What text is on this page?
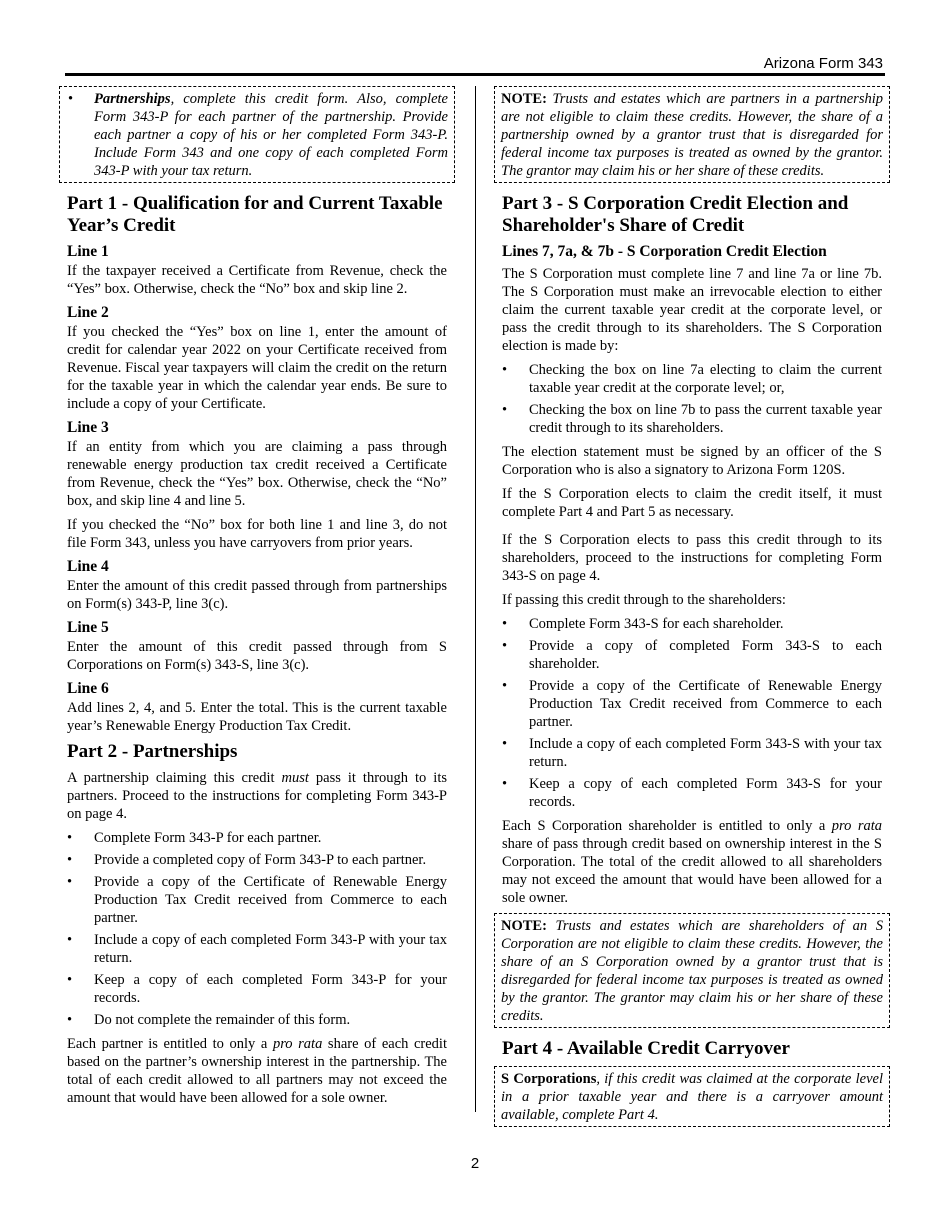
Arizona Form 343
• Partnerships, complete this credit form. Also, complete Form 343-P for each partner of the partnership. Provide each partner a copy of his or her completed Form 343-P. Include Form 343 and one copy of each completed Form 343-P with your tax return.
Part 1 - Qualification for and Current Taxable Year’s Credit
Line 1

If the taxpayer received a Certificate from Revenue, check the “Yes” box. Otherwise, check the “No” box and skip line 2.

Line 2

If you checked the “Yes” box on line 1, enter the amount of credit for calendar year 2022 on your Certificate received from Revenue. Fiscal year taxpayers will claim the credit on the return for the taxable year in which the calendar year ends. Be sure to include a copy of your Certificate.

Line 3

If an entity from which you are claiming a pass through renewable energy production tax credit received a Certificate from Revenue, check the “Yes” box. Otherwise, check the “No” box, and skip line 4 and line 5.

If you checked the “No” box for both line 1 and line 3, do not file Form 343, unless you have carryovers from prior years.

Line 4

Enter the amount of this credit passed through from partnerships on Form(s) 343-P, line 3(c).

Line 5

Enter the amount of this credit passed through from S Corporations on Form(s) 343-S, line 3(c).

Line 6

Add lines 2, 4, and 5. Enter the total. This is the current taxable year’s Renewable Energy Production Tax Credit.

Part 2 - Partnerships

A partnership claiming this credit must pass it through to its partners. Proceed to the instructions for completing Form 343-P on page 4.

• Complete Form 343-P for each partner.
• Provide a completed copy of Form 343-P to each partner.
• Provide a copy of the Certificate of Renewable Energy Production Tax Credit received from Commerce to each partner.
• Include a copy of each completed Form 343-P with your tax return.
• Keep a copy of each completed Form 343-P for your records.
• Do not complete the remainder of this form.

Each partner is entitled to only a pro rata share of each credit based on the partner’s ownership interest in the partnership. The total of each credit allowed to all partners may not exceed the amount that would have been allowed for a sole owner.

NOTE: Trusts and estates which are partners in a partnership are not eligible to claim these credits. However, the share of a partnership owned by a grantor trust that is disregarded for federal income tax purposes is treated as owned by the grantor. The grantor may claim his or her share of these credits.
Part 3 - S Corporation Credit Election and Shareholder's Share of Credit
Lines 7, 7a, & 7b - S Corporation Credit Election

The S Corporation must complete line 7 and line 7a or line 7b. The S Corporation must make an irrevocable election to either claim the current taxable year credit at the corporate level, or pass the credit through to its shareholders. The S Corporation election is made by:

• Checking the box on line 7a electing to claim the current taxable year credit at the corporate level; or,
• Checking the box on line 7b to pass the current taxable year credit through to its shareholders.

The election statement must be signed by an officer of the S Corporation who is also a signatory to Arizona Form 120S.

If the S Corporation elects to claim the credit itself, it must complete Part 4 and Part 5 as necessary.

If the S Corporation elects to pass this credit through to its shareholders, proceed to the instructions for completing Form 343-S on page 4.

If passing this credit through to the shareholders:

• Complete Form 343-S for each shareholder.
• Provide a copy of completed Form 343-S to each shareholder.
• Provide a copy of the Certificate of Renewable Energy Production Tax Credit received from Commerce to each partner.
• Include a copy of each completed Form 343-S with your tax return.
• Keep a copy of each completed Form 343-S for your records.

Each S Corporation shareholder is entitled to only a pro rata share of pass through credit based on ownership interest in the S Corporation. The total of the credit allowed to all shareholders may not exceed the amount that would have been allowed for a sole owner.

NOTE: Trusts and estates which are shareholders of an S Corporation are not eligible to claim these credits. However, the share of an S Corporation owned by a grantor trust that is disregarded for federal income tax purposes is treated as owned by the grantor. The grantor may claim his or her share of these credits.
Part 4 - Available Credit Carryover
S Corporations, if this credit was claimed at the corporate level in a prior taxable year and there is a carryover amount available, complete Part 4.
2
